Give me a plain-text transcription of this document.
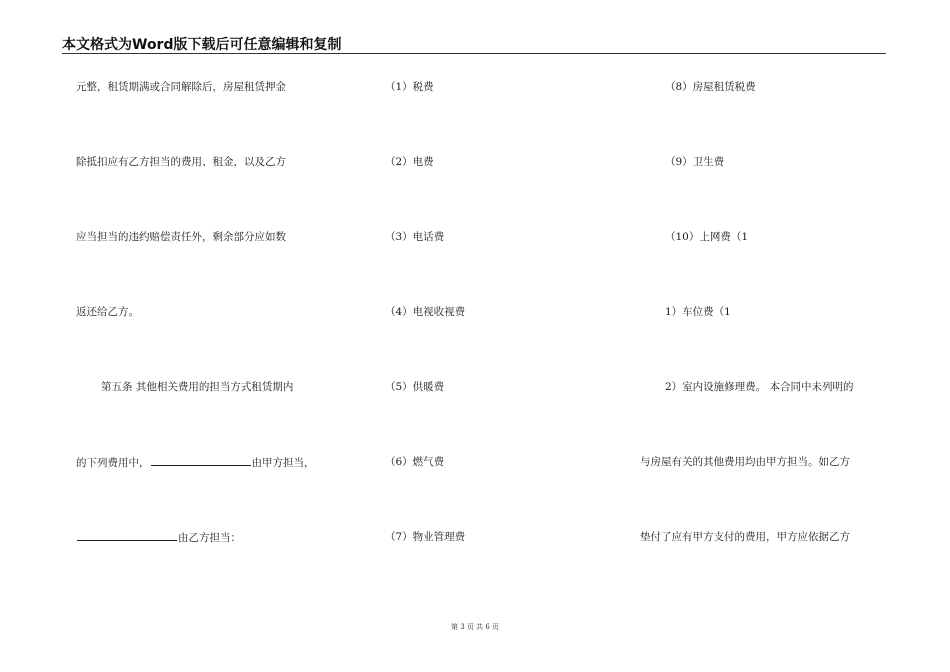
本文格式为Word版下载后可任意编辑和复制
元整，租赁期满或合同解除后，房屋租赁押金
除抵扣应有乙方担当的费用、租金，以及乙方
应当担当的违约赔偿责任外，剩余部分应如数
返还给乙方。
第五条 其他相关费用的担当方式租赁期内
的下列费用中，	由甲方担当，
由乙方担当：
（1）税费
（2）电费
（3）电话费
（4）电视收视费
（5）供暖费
（6）燃气费
（7）物业管理费
（8）房屋租赁税费
（9）卫生费
（10）上网费（1
1）车位费（1
2）室内设施修理费。 本合同中未列明的
与房屋有关的其他费用均由甲方担当。如乙方
垫付了应有甲方支付的费用，甲方应依据乙方
第 3 页 共 6 页
